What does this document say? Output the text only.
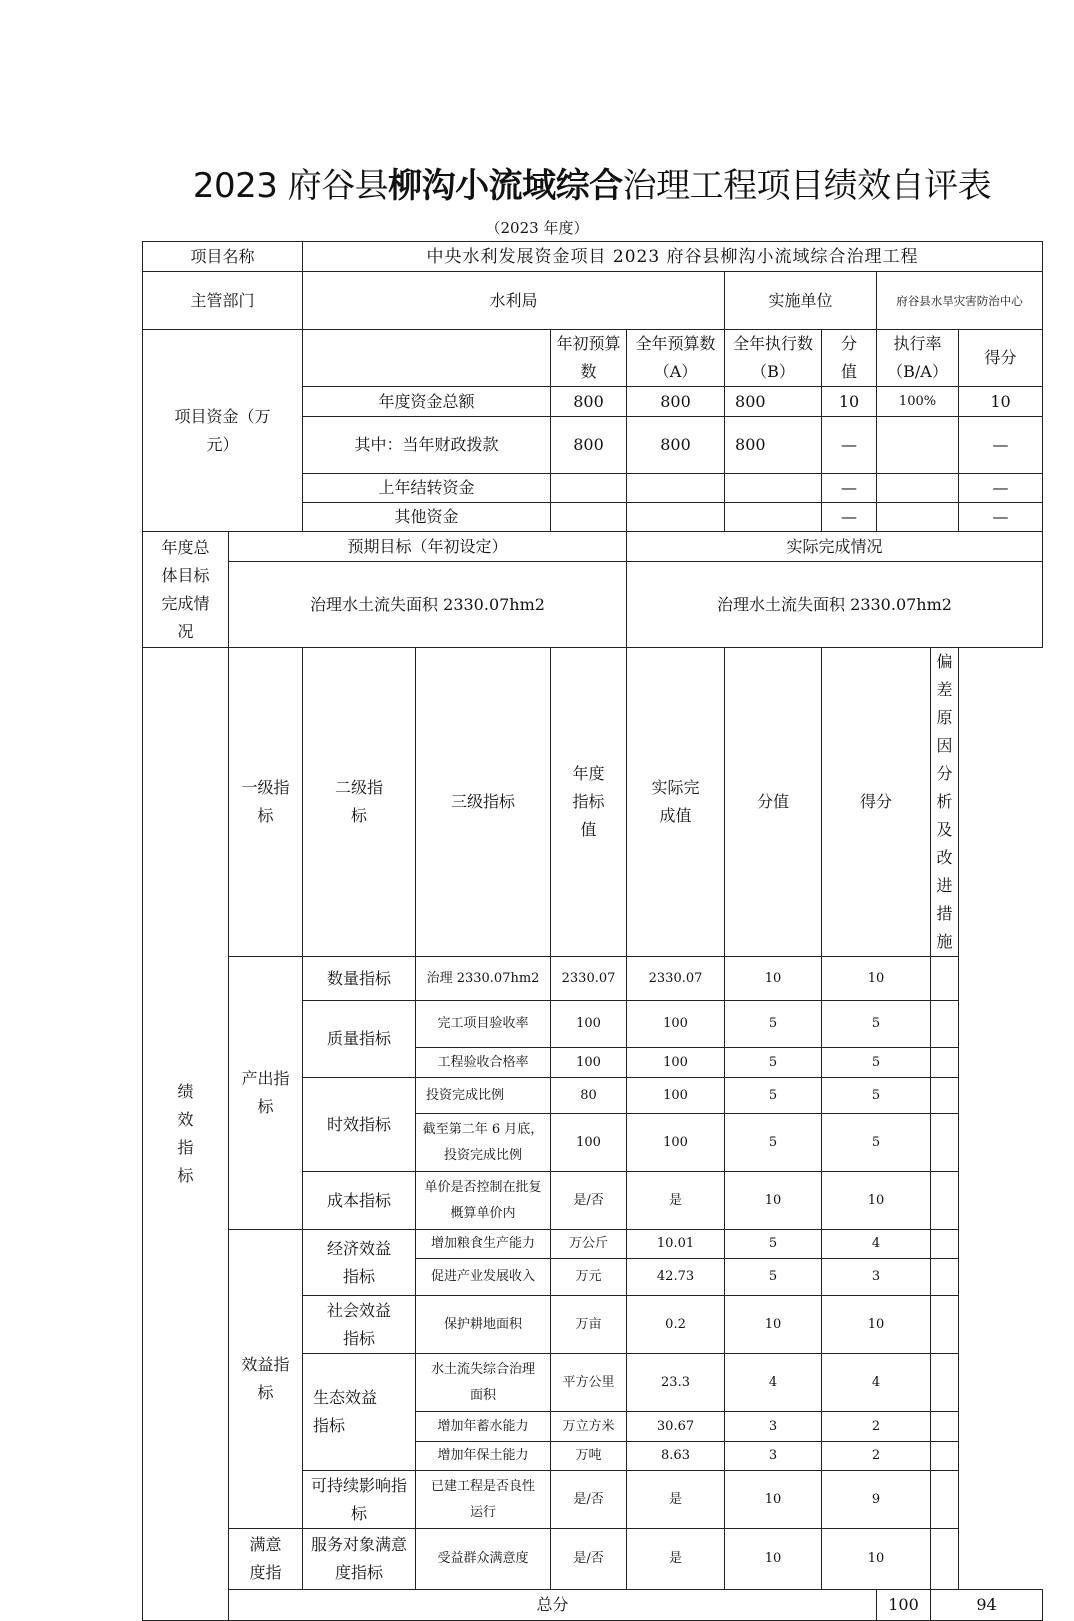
2023 府谷县柳沟小流域综合治理工程项目绩效自评表
（2023 年度）
项目名称		中央水利发展资金项目 2023 府谷县柳沟小流域综合治理工程									
主管部门		水利局				实施单位		府谷县水旱灾害防治中心			
项目资金（万元）				年初预算数	全年预算数（A）	全年执行数（B）	分值	执行率（B/A）		得分	
		年度资金总额		800	800	800	10	100%		10	
		其中：当年财政拨款		800	800	800	—			—	
		上年结转资金					—			—	
		其他资金					—			—	
年度总体目标完成情况	预期目标（年初设定）				实际完成情况						
	治理水土流失面积 2330.07hm2				治理水土流失面积 2330.07hm2						
绩效指标	一级指标	二级指标	三级指标	年度指标值	实际完成值	分值	得分		偏差原因分析及改进措施		
	产出指标	数量指标	治理 2330.07hm2	2330.07	2330.07	10	10				
		质量指标	完工项目验收率	100	100	5	5				
			工程验收合格率	100	100	5	5				
		时效指标	投资完成比例	80	100	5	5				
			截至第二年 6 月底，投资完成比例	100	100	5	5				
		成本指标	单价是否控制在批复概算单价内	是/否	是	10	10				
	效益指标	经济效益指标	增加粮食生产能力	万公斤	10.01	5	4				
			促进产业发展收入	万元	42.73	5	3				
		社会效益指标	保护耕地面积	万亩	0.2	10	10				
		生态效益指标	水土流失综合治理面积	平方公里	23.3	4	4				
			增加年蓄水能力	万立方米	30.67	3	2				
			增加年保土能力	万吨	8.63	3	2				
		可持续影响指标	已建工程是否良性运行	是/否	是	10	9				
	满意度指	服务对象满意度指标	受益群众满意度	是/否	是	10	10				
	总分							100	94		
